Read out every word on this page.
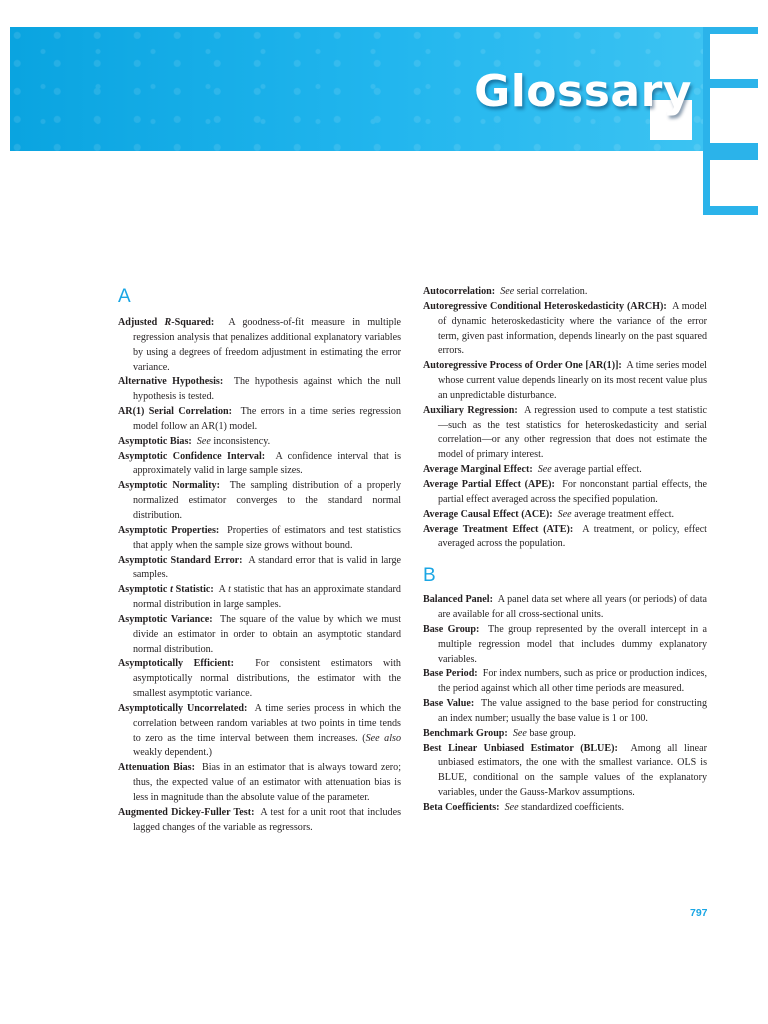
Glossary
A

Adjusted R-Squared: A goodness-of-fit measure in multiple regression analysis that penalizes additional explanatory variables by using a degrees of freedom adjustment in estimating the error variance.

Alternative Hypothesis: The hypothesis against which the null hypothesis is tested.

AR(1) Serial Correlation: The errors in a time series regression model follow an AR(1) model.

Asymptotic Bias: See inconsistency.

Asymptotic Confidence Interval: A confidence interval that is approximately valid in large sample sizes.

Asymptotic Normality: The sampling distribution of a properly normalized estimator converges to the standard normal distribution.

Asymptotic Properties: Properties of estimators and test statistics that apply when the sample size grows without bound.

Asymptotic Standard Error: A standard error that is valid in large samples.

Asymptotic t Statistic: A t statistic that has an approximate standard normal distribution in large samples.

Asymptotic Variance: The square of the value by which we must divide an estimator in order to obtain an asymptotic standard normal distribution.

Asymptotically Efficient: For consistent estimators with asymptotically normal distributions, the estimator with the smallest asymptotic variance.

Asymptotically Uncorrelated: A time series process in which the correlation between random variables at two points in time tends to zero as the time interval between them increases. (See also weakly dependent.)

Attenuation Bias: Bias in an estimator that is always toward zero; thus, the expected value of an estimator with attenuation bias is less in magnitude than the absolute value of the parameter.

Augmented Dickey-Fuller Test: A test for a unit root that includes lagged changes of the variable as regressors.

Autocorrelation: See serial correlation.

Autoregressive Conditional Heteroskedasticity (ARCH): A model of dynamic heteroskedasticity where the variance of the error term, given past information, depends linearly on the past squared errors.

Autoregressive Process of Order One [AR(1)]: A time series model whose current value depends linearly on its most recent value plus an unpredictable disturbance.

Auxiliary Regression: A regression used to compute a test statistic—such as the test statistics for heteroskedasticity and serial correlation—or any other regression that does not estimate the model of primary interest.

Average Marginal Effect: See average partial effect.

Average Partial Effect (APE): For nonconstant partial effects, the partial effect averaged across the specified population.

Average Causal Effect (ACE): See average treatment effect.

Average Treatment Effect (ATE): A treatment, or policy, effect averaged across the population.

B

Balanced Panel: A panel data set where all years (or periods) of data are available for all cross-sectional units.

Base Group: The group represented by the overall intercept in a multiple regression model that includes dummy explanatory variables.

Base Period: For index numbers, such as price or production indices, the period against which all other time periods are measured.

Base Value: The value assigned to the base period for constructing an index number; usually the base value is 1 or 100.

Benchmark Group: See base group.

Best Linear Unbiased Estimator (BLUE): Among all linear unbiased estimators, the one with the smallest variance. OLS is BLUE, conditional on the sample values of the explanatory variables, under the Gauss-Markov assumptions.

Beta Coefficients: See standardized coefficients.

797
